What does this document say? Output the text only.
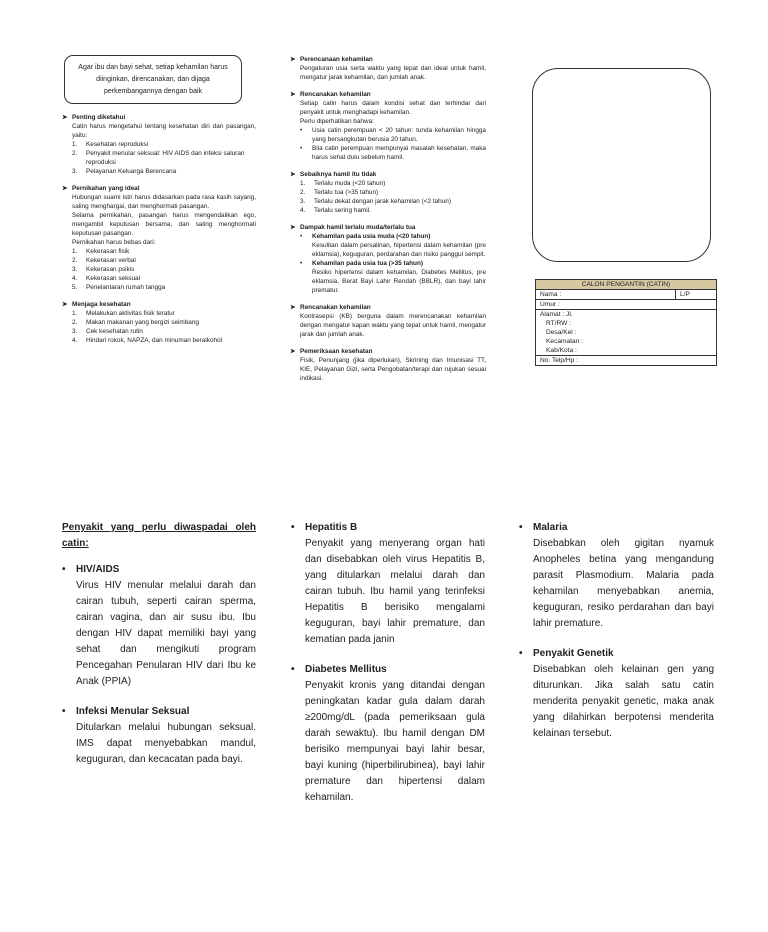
Agar ibu dan bayi sehat, setiap kehamilan harus diinginkan, direncanakan, dan dijaga perkembangannya dengan baik
➤ Penting diketahui
Catin harus mengetahui tentang kesehatan diri dan pasangan, yaitu:
1.	Kesehatan reproduksi
2.	Penyakit menular seksual: HIV AIDS dan infeksi saluran reproduksi
3.	Pelayanan Keluarga Berencana
➤ Pernikahan yang ideal
Hubungan suami istri harus didasarkan pada rasa kasih sayang, saling menghargai, dan menghormati pasangan.
Selama pernikahan, pasangan harus mengendalikan ego, mengambil keputusan bersama, dan saling menghormati keputusan pasangan.
Pernikahan harus bebas dari:
1.	Kekerasan fisik
2.	Kekerasan verbal
3.	Kekerasan psikis
4.	Kekerasan seksual
5.	Penelantaran rumah tangga
➤ Menjaga kesehatan
1.	Melakukan aktivitas fisik teratur
2.	Makan makanan yang bergizi seimbang
3.	Cek kesehatan rutin
4.	Hindari rokok, NAPZA, dan minuman beralkohol
➤ Perencanaan kehamilan
Pengaturan usia serta waktu yang tepat dan ideal untuk hamil, mengatur jarak kehamilan, dan jumlah anak.
➤ Rencanakan kehamilan
Setiap catin harus dalam kondisi sehat dan terhindar dari penyakit untuk menghadapi kehamilan.
Perlu diperhatikan bahwa:
•	Usia catin perempuan < 20 tahun: tunda kehamilan hingga yang bersangkutan berusia 20 tahun.
•	Bila catin perempuan mempunyai masalah kesehatan, maka harus sehat dulu sebelum hamil.
➤ Sebaiknya hamil itu tidak
1.	Terlalu muda (<20 tahun)
2.	Terlalu tua (>35 tahun)
3.	Terlalu dekat dengan jarak kehamilan (<2 tahun)
4.	Terlalu sering hamil.
➤ Dampak hamil terlalu muda/terlalu tua
•	Kehamilan pada usia muda (<20 tahun)
Kesulitan dalam persalinan, hipertensi dalam kehamilan (pre eklamsia), keguguran, perdarahan dan risiko panggul sempit.
•	Kehamilan pada usia tua (>35 tahun)
Resiko hipertensi dalam kehamilan, Diabetes Mellitus, pre eklamsia, Berat Bayi Lahir Rendah (BBLR), dan bayi lahir prematur.
➤ Rencanakan kehamilan
Kontrasepsi (KB) berguna dalam merencanakan kehamilan dengan mengatur kapan waktu yang tepat untuk hamil, mengatur jarak dan jumlah anak.
➤ Pemeriksaan kesehatan
Fisik, Penunjang (jika diperlukan), Skrining dan Imunisasi TT, KIE, Pelayanan Gizi, serta Pengobatan/terapi dan rujukan sesuai indikasi.
CALON PENGANTIN (CATIN)
Nama :	L/P
Umur :
Alamat : Jl.
RT/RW :
Desa/Kel :
Kecamatan :
Kab/Kota :
No. Telp/Hp :
Penyakit yang perlu diwaspadai oleh catin:
•	HIV/AIDS
Virus HIV menular melalui darah dan cairan tubuh, seperti cairan sperma, cairan vagina, dan air susu ibu. Ibu dengan HIV dapat memiliki bayi yang sehat dan mengikuti program Pencegahan Penularan HIV dari Ibu ke Anak (PPIA)
•	Infeksi Menular Seksual
Ditularkan melalui hubungan seksual. IMS dapat menyebabkan mandul, keguguran, dan kecacatan pada bayi.
•	Hepatitis B
Penyakit yang menyerang organ hati dan disebabkan oleh virus Hepatitis B, yang ditularkan melalui darah dan cairan tubuh. Ibu hamil yang terinfeksi Hepatitis B berisiko mengalami keguguran, bayi lahir premature, dan kematian pada janin
•	Diabetes Mellitus
Penyakit kronis yang ditandai dengan peningkatan kadar gula dalam darah ≥200mg/dL (pada pemeriksaan gula darah sewaktu). Ibu hamil dengan DM berisiko mempunyai bayi lahir besar, bayi kuning (hiperbilirubinea), bayi lahir premature dan hipertensi dalam kehamilan.
•	Malaria
Disebabkan oleh gigitan nyamuk Anopheles betina yang mengandung parasit Plasmodium. Malaria pada kehamilan menyebabkan anemia, keguguran, resiko perdarahan dan bayi lahir premature.
•	Penyakit Genetik
Disebabkan oleh kelainan gen yang diturunkan. Jika salah satu catin menderita penyakit genetic, maka anak yang dilahirkan berpotensi menderita kelainan tersebut.
